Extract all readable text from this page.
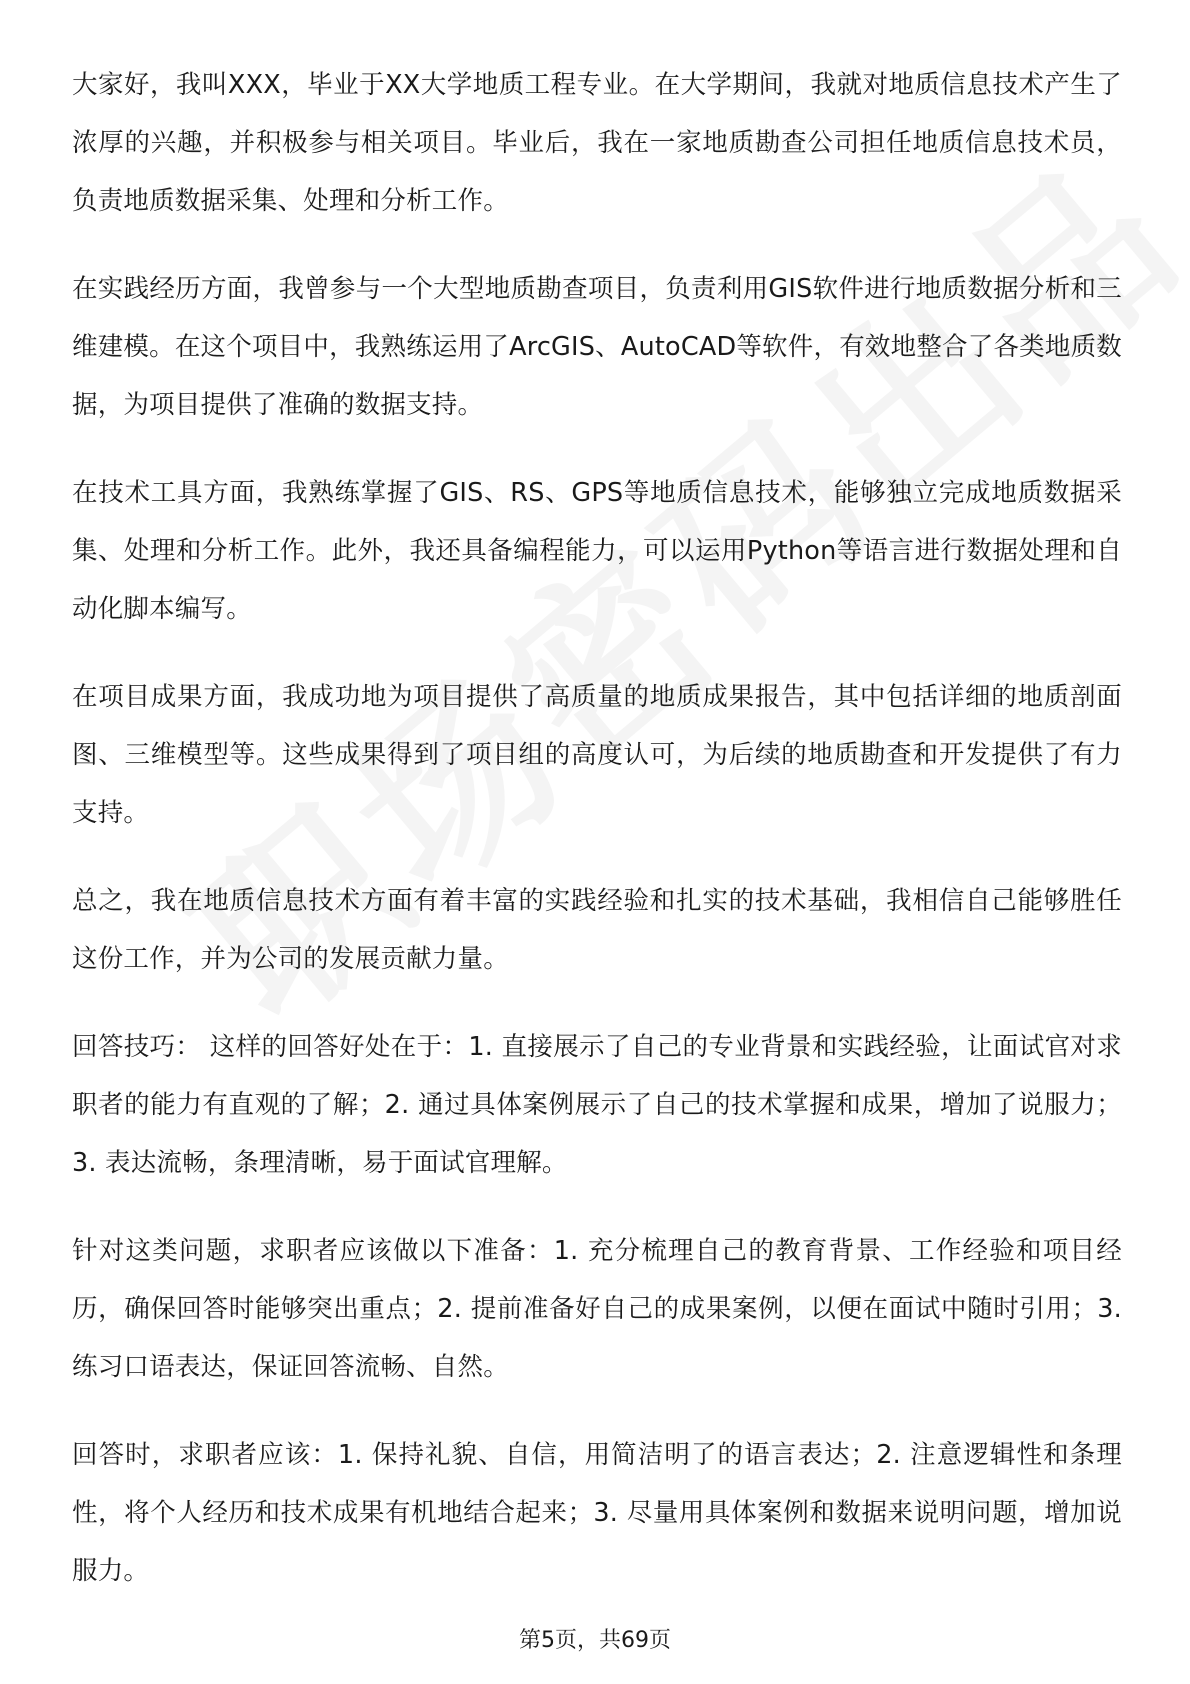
大家好，我叫XXX，毕业于XX大学地质工程专业。在大学期间，我就对地质信息技术产生了浓厚的兴趣，并积极参与相关项目。毕业后，我在一家地质勘查公司担任地质信息技术员，负责地质数据采集、处理和分析工作。

在实践经历方面，我曾参与一个大型地质勘查项目，负责利用GIS软件进行地质数据分析和三维建模。在这个项目中，我熟练运用了ArcGIS、AutoCAD等软件，有效地整合了各类地质数据，为项目提供了准确的数据支持。

在技术工具方面，我熟练掌握了GIS、RS、GPS等地质信息技术，能够独立完成地质数据采集、处理和分析工作。此外，我还具备编程能力，可以运用Python等语言进行数据处理和自动化脚本编写。

在项目成果方面，我成功地为项目提供了高质量的地质成果报告，其中包括详细的地质剖面图、三维模型等。这些成果得到了项目组的高度认可，为后续的地质勘查和开发提供了有力支持。

总之，我在地质信息技术方面有着丰富的实践经验和扎实的技术基础，我相信自己能够胜任这份工作，并为公司的发展贡献力量。

回答技巧： 这样的回答好处在于：1. 直接展示了自己的专业背景和实践经验，让面试官对求职者的能力有直观的了解；2. 通过具体案例展示了自己的技术掌握和成果，增加了说服力；3. 表达流畅，条理清晰，易于面试官理解。

针对这类问题，求职者应该做以下准备：1. 充分梳理自己的教育背景、工作经验和项目经历，确保回答时能够突出重点；2. 提前准备好自己的成果案例，以便在面试中随时引用；3. 练习口语表达，保证回答流畅、自然。

回答时，求职者应该：1. 保持礼貌、自信，用简洁明了的语言表达；2. 注意逻辑性和条理性，将个人经历和技术成果有机地结合起来；3. 尽量用具体案例和数据来说明问题，增加说服力。

第5页，共69页
